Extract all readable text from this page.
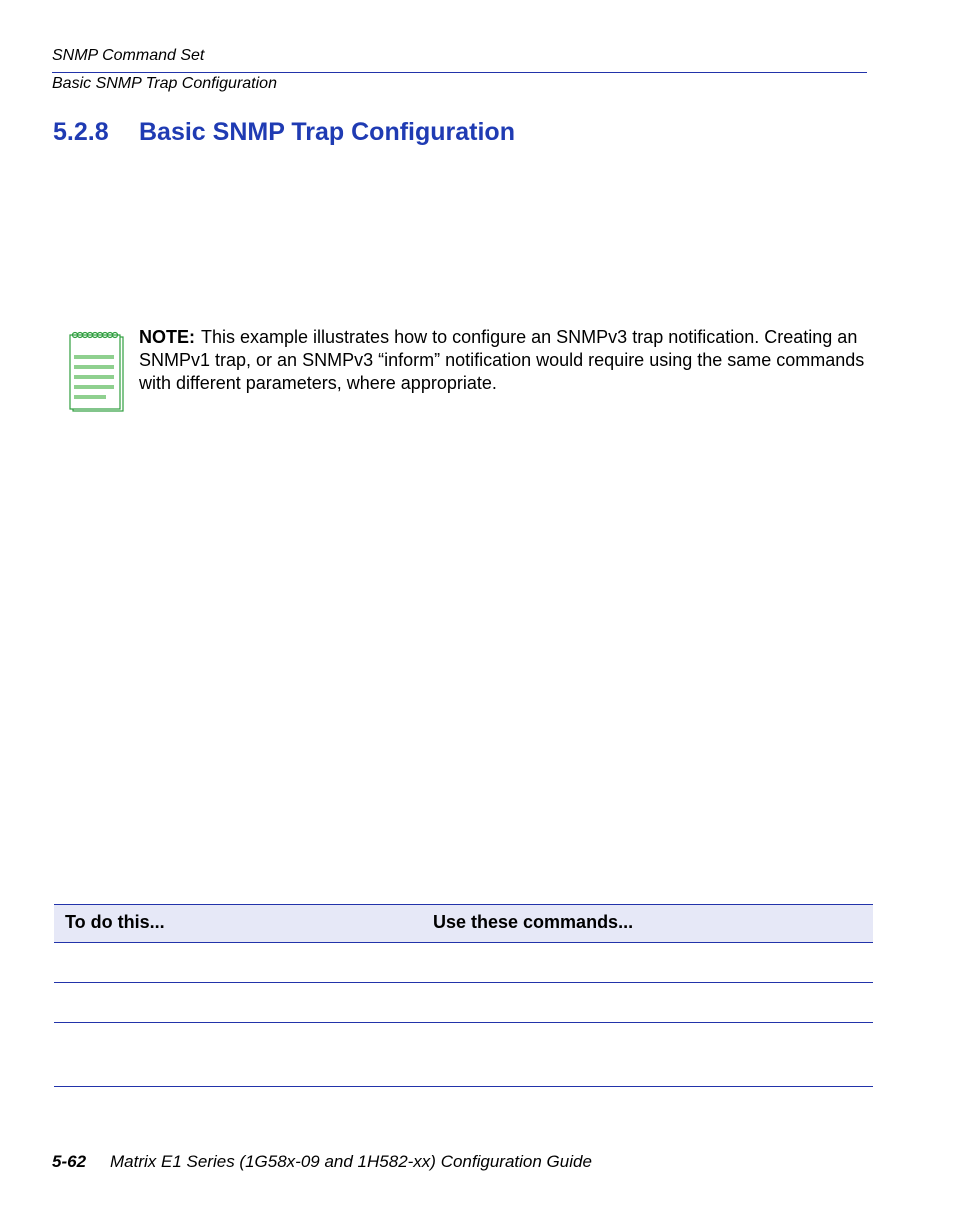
SNMP Command Set
Basic SNMP Trap Configuration
5.2.8 Basic SNMP Trap Configuration
NOTE: This example illustrates how to configure an SNMPv3 trap notification. Creating an SNMPv1 trap, or an SNMPv3 “inform” notification would require using the same commands with different parameters, where appropriate.
To do this...	Use these commands...
5-62 Matrix E1 Series (1G58x-09 and 1H582-xx) Configuration Guide
